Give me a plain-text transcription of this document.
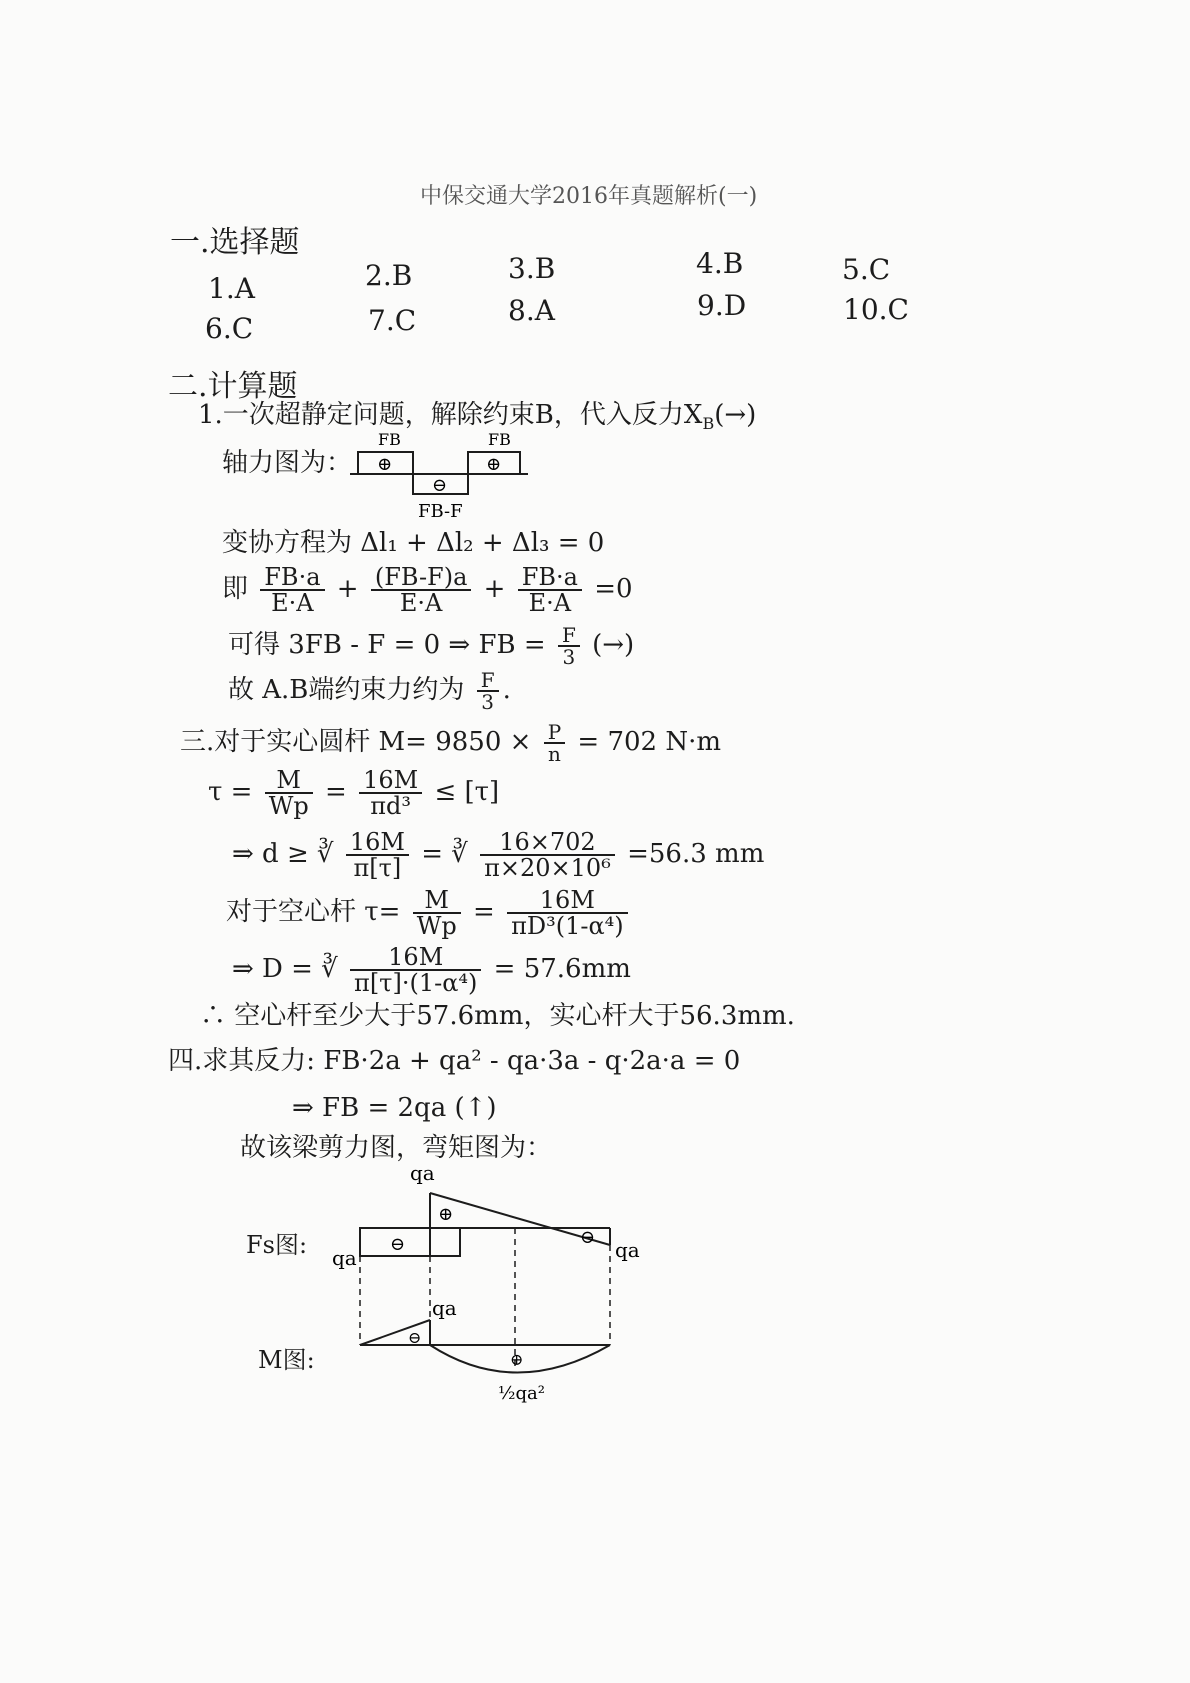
中保交通大学2016年真题解析(一)
一.选择题
1.A	2.B	3.B	4.B	5.C
6.C	7.C	8.A	9.D	10.C
二.计算题
1.一次超静定问题，解除约束B，代入反力$X_B(\to)$
轴力图为：
FB	FB
⊕	⊕
⊖
FB-F
变协方程为 Δl₁ + Δl₂ + Δl₃ = 0
即 $\frac{FB\cdot a}{E\cdot A} + \frac{(FB-F)a}{E\cdot A} + \frac{FB\cdot a}{E\cdot A} =0$
可得 3FB - F = 0 ⇒ FB = $\frac{F}{3}$ (→)
故 A.B端约束力约为 $\frac{F}{3}$ .
三.对于实心圆杆 $M= 9850 \times \frac{P}{n} = 702$ N·m
$\tau = \frac{M}{Wp} = \frac{16M}{\text{πd³}} \le [\tau]$
⇒ d ≥ ∛ $\frac{16M}{\pi[\tau]}$ = ∛ $\frac{16\times 702}{\text{π×20×10⁶}} =56.3$ mm
对于空心杆 $\tau= \frac{M}{Wp} = \frac{16M}{\text{πD³(1-α⁴)}}$
⇒ D = ∛ $\frac{16M}{\text{π[τ]·(1-α⁴)}} = 57.6mm$
∴ 空心杆至少大于57.6mm，实心杆大于56.3mm.
四.求其反力: FB·2a + qa² - qa·3a - q·2a·a = 0
⇒ FB = 2qa (↑)
故该梁剪力图，弯矩图为：
Fs图:
M图:
qa
qa	qa
⊕
⊖	⊖
qa
⊖
⊕
½qa²
